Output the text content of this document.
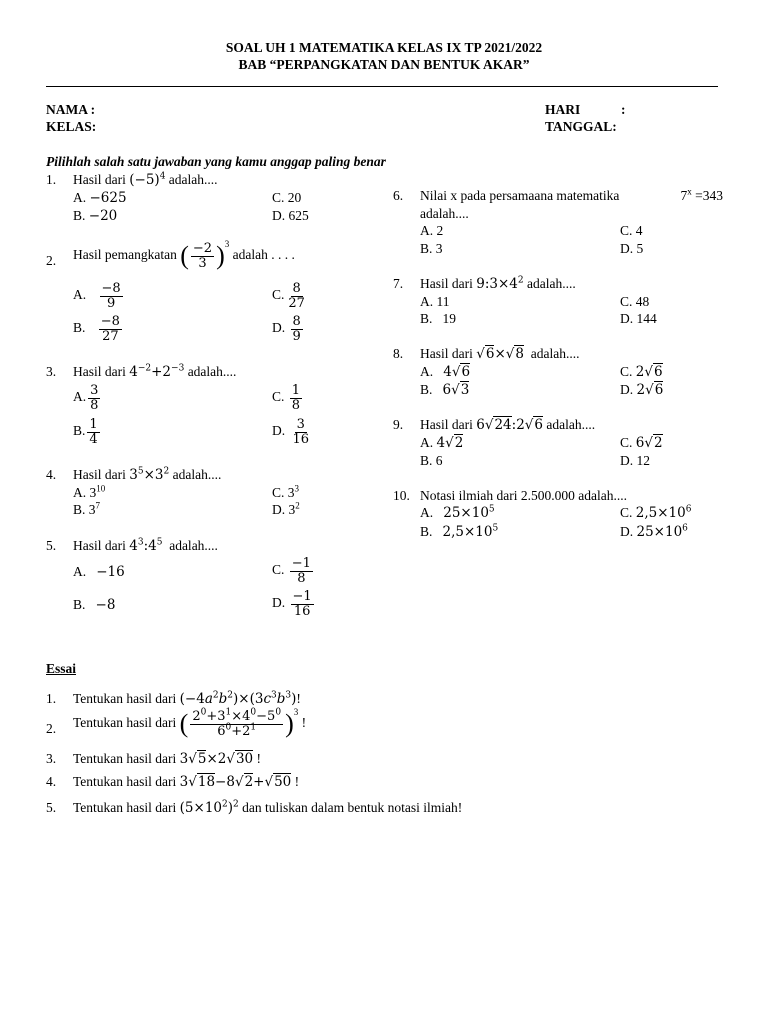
SOAL UH 1 MATEMATIKA KELAS IX TP 2021/2022
BAB “PERPANGKATAN DAN BENTUK AKAR”
NAMA :
KELAS:
HARI	:
TANGGAL:
Pilihlah salah satu jawaban yang kamu anggap paling benar
1. Hasil dari $(-5)^4$ adalah....
A. −625
B. −20
C. 20
D. 625
2. Hasil pemangkatan ( $\frac{-2}{3} )^3$ adalah . . . .
A. $\frac{-8}{9}$
B. $\frac{-8}{27}$
C. $\frac{8}{27}$
D. $\frac{8}{9}$
3. Hasil dari $4^{-2}+2^{-3}$ adalah....
A. $\frac{3}{8}$
B. $\frac{1}{4}$
C. $\frac{1}{8}$
D. $\frac{3}{16}$
4. Hasil dari $3^5\times 3^2$ adalah....
A. $3^{10}$
B. $3^7$
C. $3^3$
D. $3^2$
5. Hasil dari $4^3:4^5$ adalah....
A. −16
B. −8
C. $\frac{-1}{8}$
D. $\frac{-1}{16}$
6. Nilai x pada persamaana matematika	$7^x =343$
adalah....
A. 2
B. 3
C. 4
D. 5
7. Hasil dari $9:3\times 4^2$ adalah....
A. 11
B. 19
C. 48
D. 144
8. Hasil dari √6×√8 adalah....
A. 4√6
B. 6√3
C. 2√6
D. 2√6
9. Hasil dari 6√24:2√6 adalah....
A. 4√2
B. 6
C. 6√2
D. 12
10. Notasi ilmiah dari 2.500.000 adalah....
A. $25\times 10^5$
B. $2,5\times 10^5$
C. $2,5\times 10^6$
D. $25\times 10^6$
Essai
1. Tentukan hasil dari $(-4a^2b^2)\times(3c^3b^3)$!
2. Tentukan hasil dari ( $\frac{2^0+3^1\times 4^0-5^0}{6^0+2^1} )^3$ !
3. Tentukan hasil dari 3√5×2√30 !
4. Tentukan hasil dari 3√18−8√2+√50 !
5. Tentukan hasil dari $(5\times 10^2)^2$ dan tuliskan dalam bentuk notasi ilmiah!
